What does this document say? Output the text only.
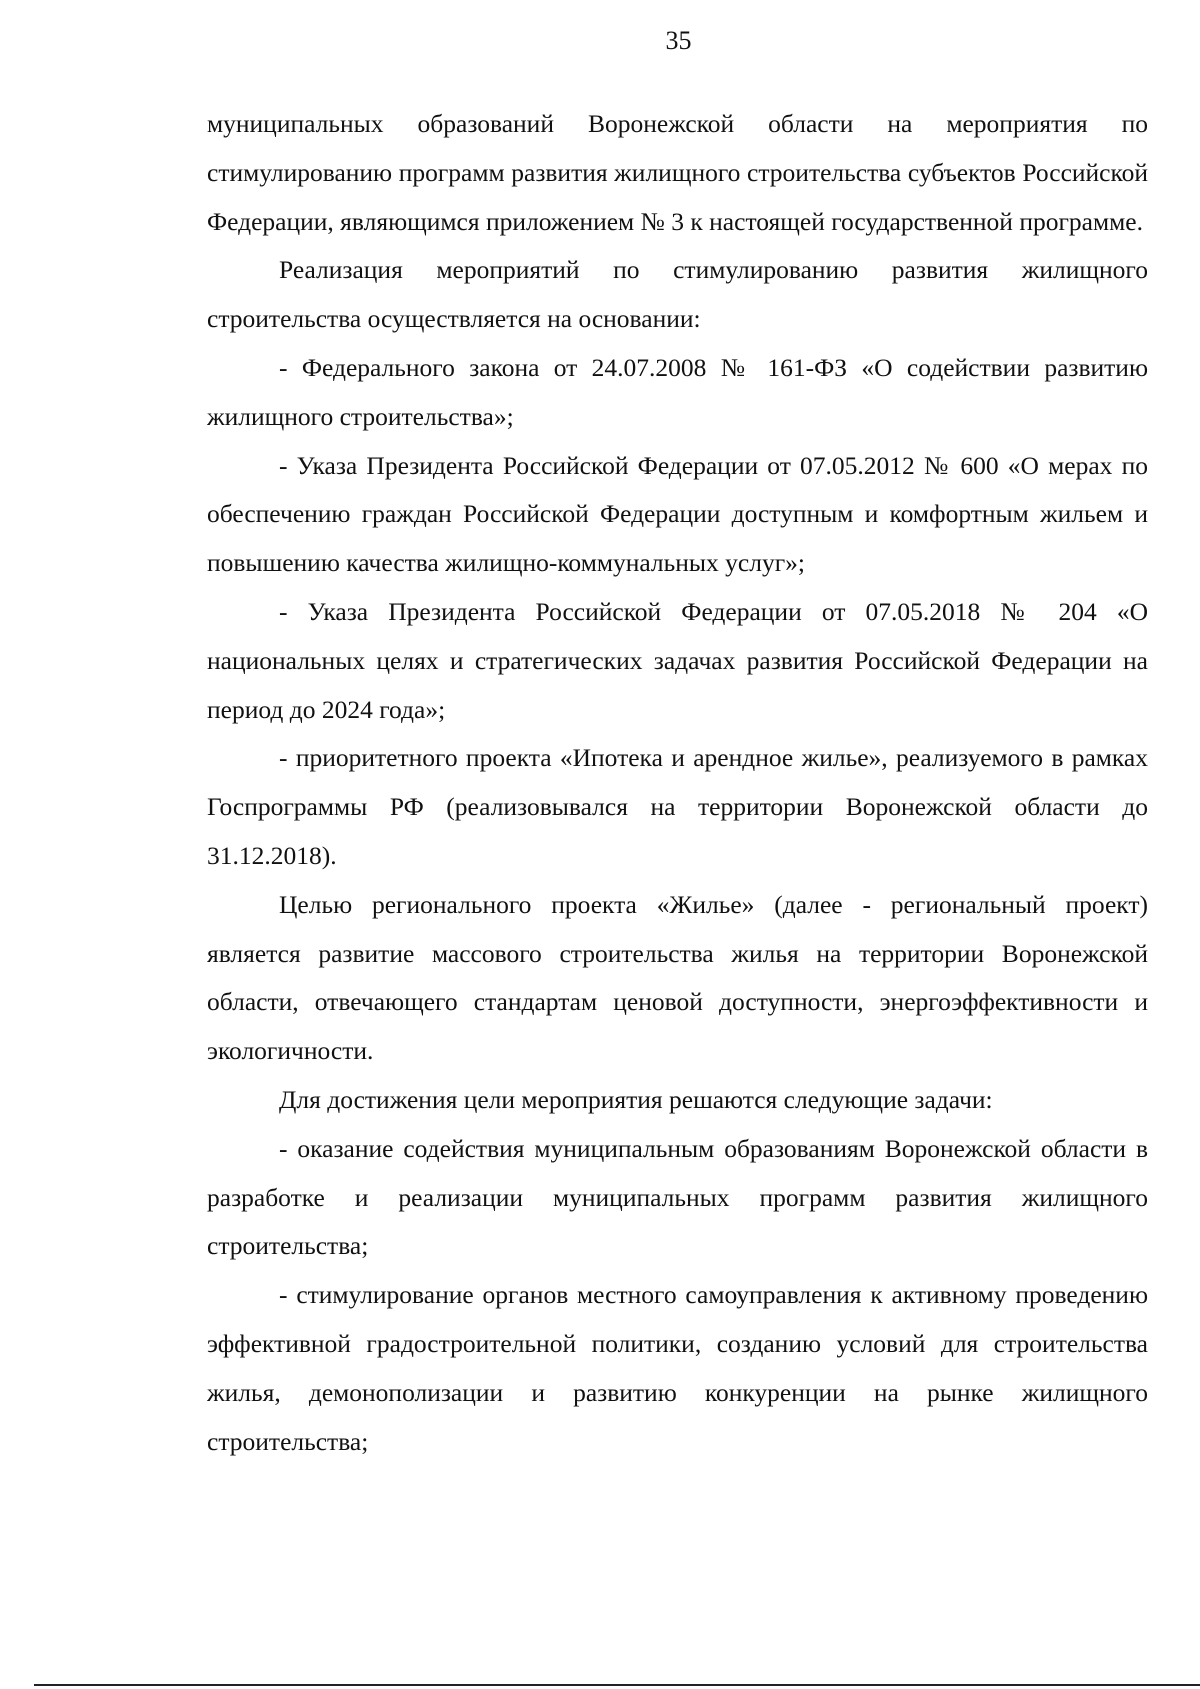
35

муниципальных образований Воронежской области на мероприятия по стимулированию программ развития жилищного строительства субъектов Российской Федерации, являющимся приложением № 3 к настоящей государственной программе.

Реализация мероприятий по стимулированию развития жилищного строительства осуществляется на основании:

- Федерального закона от 24.07.2008 № 161-ФЗ «О содействии развитию жилищного строительства»;

- Указа Президента Российской Федерации от 07.05.2012 № 600 «О мерах по обеспечению граждан Российской Федерации доступным и комфортным жильем и повышению качества жилищно-коммунальных услуг»;

- Указа Президента Российской Федерации от 07.05.2018 № 204 «О национальных целях и стратегических задачах развития Российской Федерации на период до 2024 года»;

- приоритетного проекта «Ипотека и арендное жилье», реализуемого в рамках Госпрограммы РФ (реализовывался на территории Воронежской области до 31.12.2018).

Целью регионального проекта «Жилье» (далее - региональный проект) является развитие массового строительства жилья на территории Воронежской области, отвечающего стандартам ценовой доступности, энергоэффективности и экологичности.

Для достижения цели мероприятия решаются следующие задачи:

- оказание содействия муниципальным образованиям Воронежской области в разработке и реализации муниципальных программ развития жилищного строительства;

- стимулирование органов местного самоуправления к активному проведению эффективной градостроительной политики, созданию условий для строительства жилья, демонополизации и развитию конкуренции на рынке жилищного строительства;
